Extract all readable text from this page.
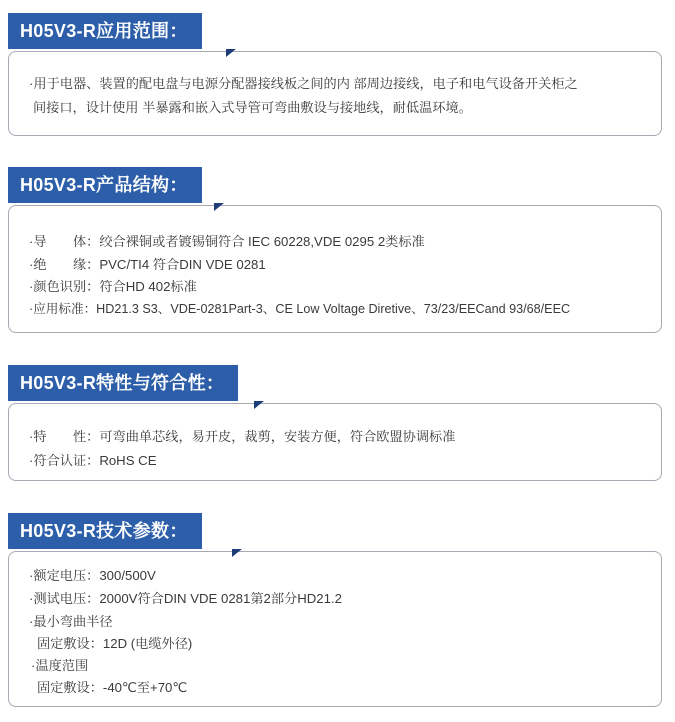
H05V3-R应用范围：
·用于电器、装置的配电盘与电源分配器接线板之间的内 部周边接线，电子和电气设备开关柜之
间接口，设计使用 半暴露和嵌入式导管可弯曲敷设与接地线，耐低温环境。
H05V3-R产品结构：
·导　　体：绞合裸铜或者镀锡铜符合 IEC 60228,VDE 0295 2类标准
·绝　　缘：PVC/TI4 符合DIN VDE 0281
·颜色识别：符合HD 402标准
·应用标准：HD21.3 S3、VDE-0281Part-3、CE Low Voltage Diretive、73/23/EECand 93/68/EEC
H05V3-R特性与符合性：
·特　　性：可弯曲单芯线，易开皮，裁剪，安装方便，符合欧盟协调标准
·符合认证：RoHS CE
H05V3-R技术参数：
·额定电压：300/500V
·测试电压：2000V符合DIN VDE 0281第2部分HD21.2
·最小弯曲半径
固定敷设：12D (电缆外径)
·温度范围
固定敷设：-40℃至+70℃
